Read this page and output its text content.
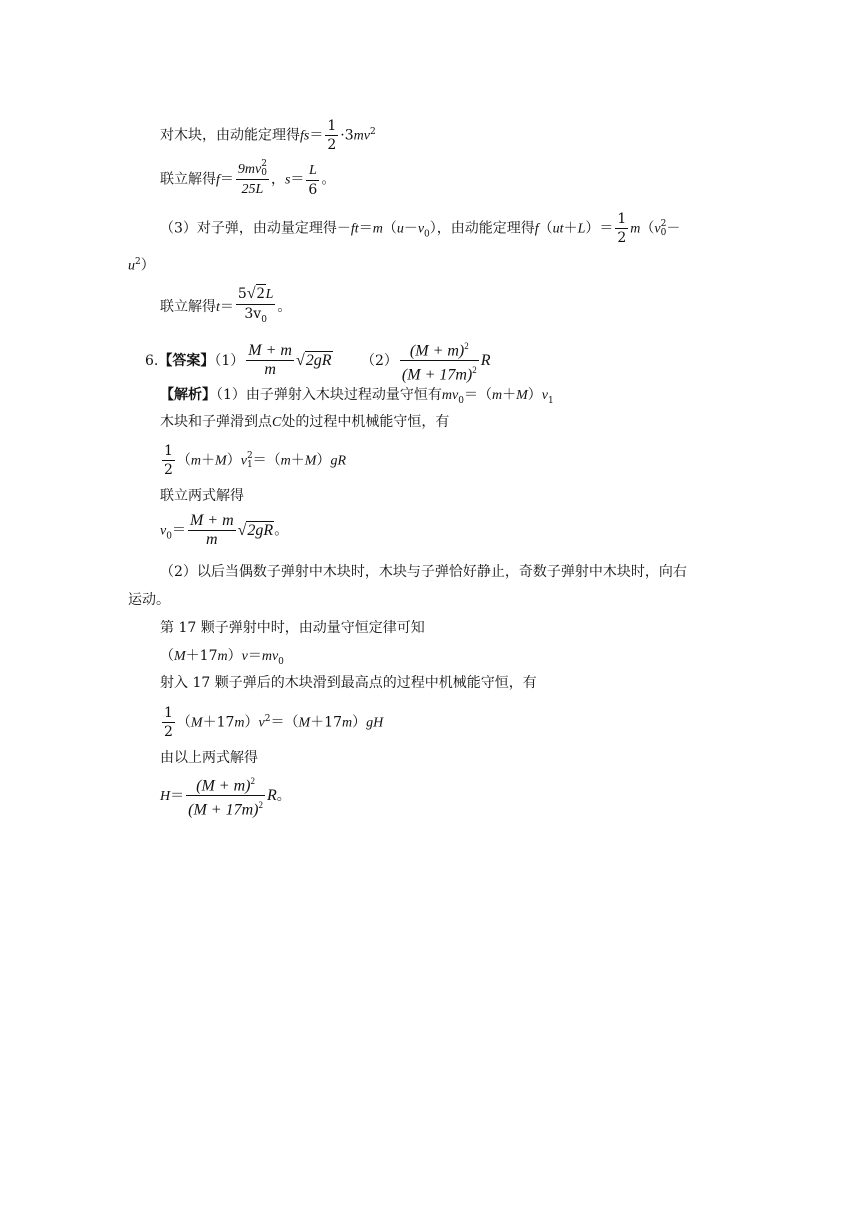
对木块，由动能定理得$fs= \frac{1}{2} \cdot 3mv^2$
联立解得f＝ 9mv 2
0
25L ，$s= \frac{L}{6}$ 。
（3）对子弹，由动量定理得$-ft=m(u-v_0)$，由动能定理得$f(ut+L)= \frac{1}{2} m(v$ 2
0 －
$u^2$）
联立解得$t= \frac{5√2L}{3v_0}$ 。
6.【答案】$(1) \frac{M + m}{m} √2gR$ $(2) \frac{(M + m)^2}{(M + 17m)^2}$ R
【解析】（1）由子弹射入木块过程动量守恒有$mv_0=(m+M)v_1$
木块和子弹滑到点C处的过程中机械能守恒，有
$\frac{1}{2} (m+M)v$ 2
1 ＝（m＋M）gR
联立两式解得
$v_0= \frac{M + m}{m} √2gR$。
（2）以后当偶数子弹射中木块时，木块与子弹恰好静止，奇数子弹射中木块时，向右
运动。
第 17 颗子弹射中时，由动量守恒定律可知
$(M+17m)v=mv_0$
射入 17 颗子弹后的木块滑到最高点的过程中机械能守恒，有
$\frac{1}{2} (M+17m)v^2=(M+17m)gH$
由以上两式解得
$H= \frac{(M + m)^2}{(M + 17m)^2}$ R。
